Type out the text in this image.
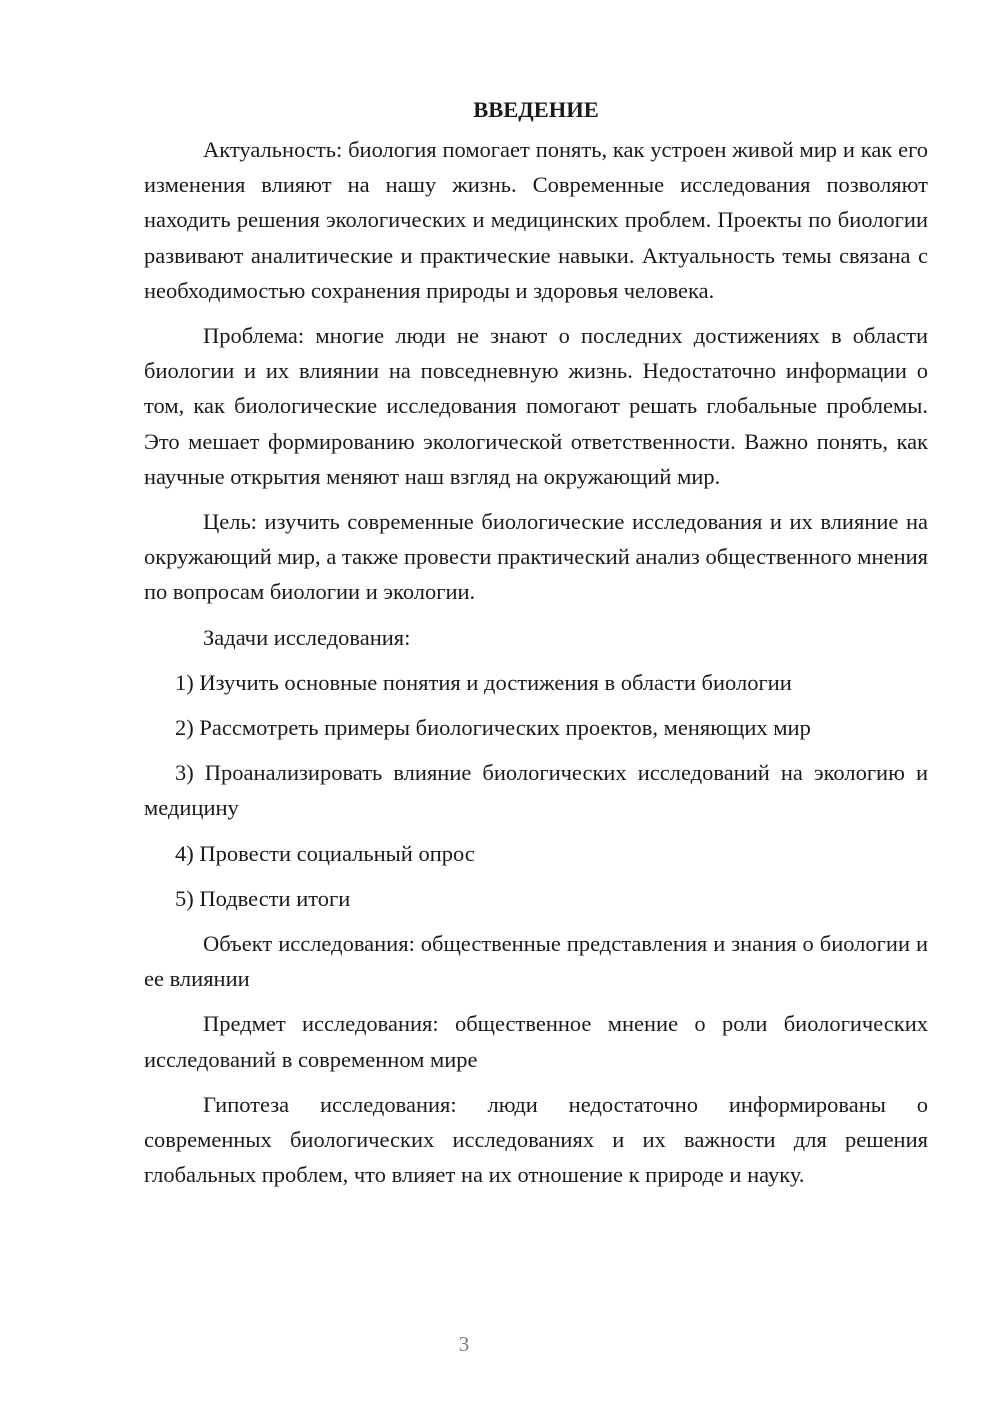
ВВЕДЕНИЕ

Актуальность: биология помогает понять, как устроен живой мир и как его изменения влияют на нашу жизнь. Современные исследования позволяют находить решения экологических и медицинских проблем. Проекты по биологии развивают аналитические и практические навыки. Актуальность темы связана с необходимостью сохранения природы и здоровья человека.

Проблема: многие люди не знают о последних достижениях в области биологии и их влиянии на повседневную жизнь. Недостаточно информации о том, как биологические исследования помогают решать глобальные проблемы. Это мешает формированию экологической ответственности. Важно понять, как научные открытия меняют наш взгляд на окружающий мир.

Цель: изучить современные биологические исследования и их влияние на окружающий мир, а также провести практический анализ общественного мнения по вопросам биологии и экологии.

Задачи исследования:

1) Изучить основные понятия и достижения в области биологии

2) Рассмотреть примеры биологических проектов, меняющих мир

3) Проанализировать влияние биологических исследований на экологию и медицину

4) Провести социальный опрос

5) Подвести итоги

Объект исследования: общественные представления и знания о биологии и ее влиянии

Предмет исследования: общественное мнение о роли биологических исследований в современном мире

Гипотеза исследования: люди недостаточно информированы о современных биологических исследованиях и их важности для решения глобальных проблем, что влияет на их отношение к природе и науку.

3
